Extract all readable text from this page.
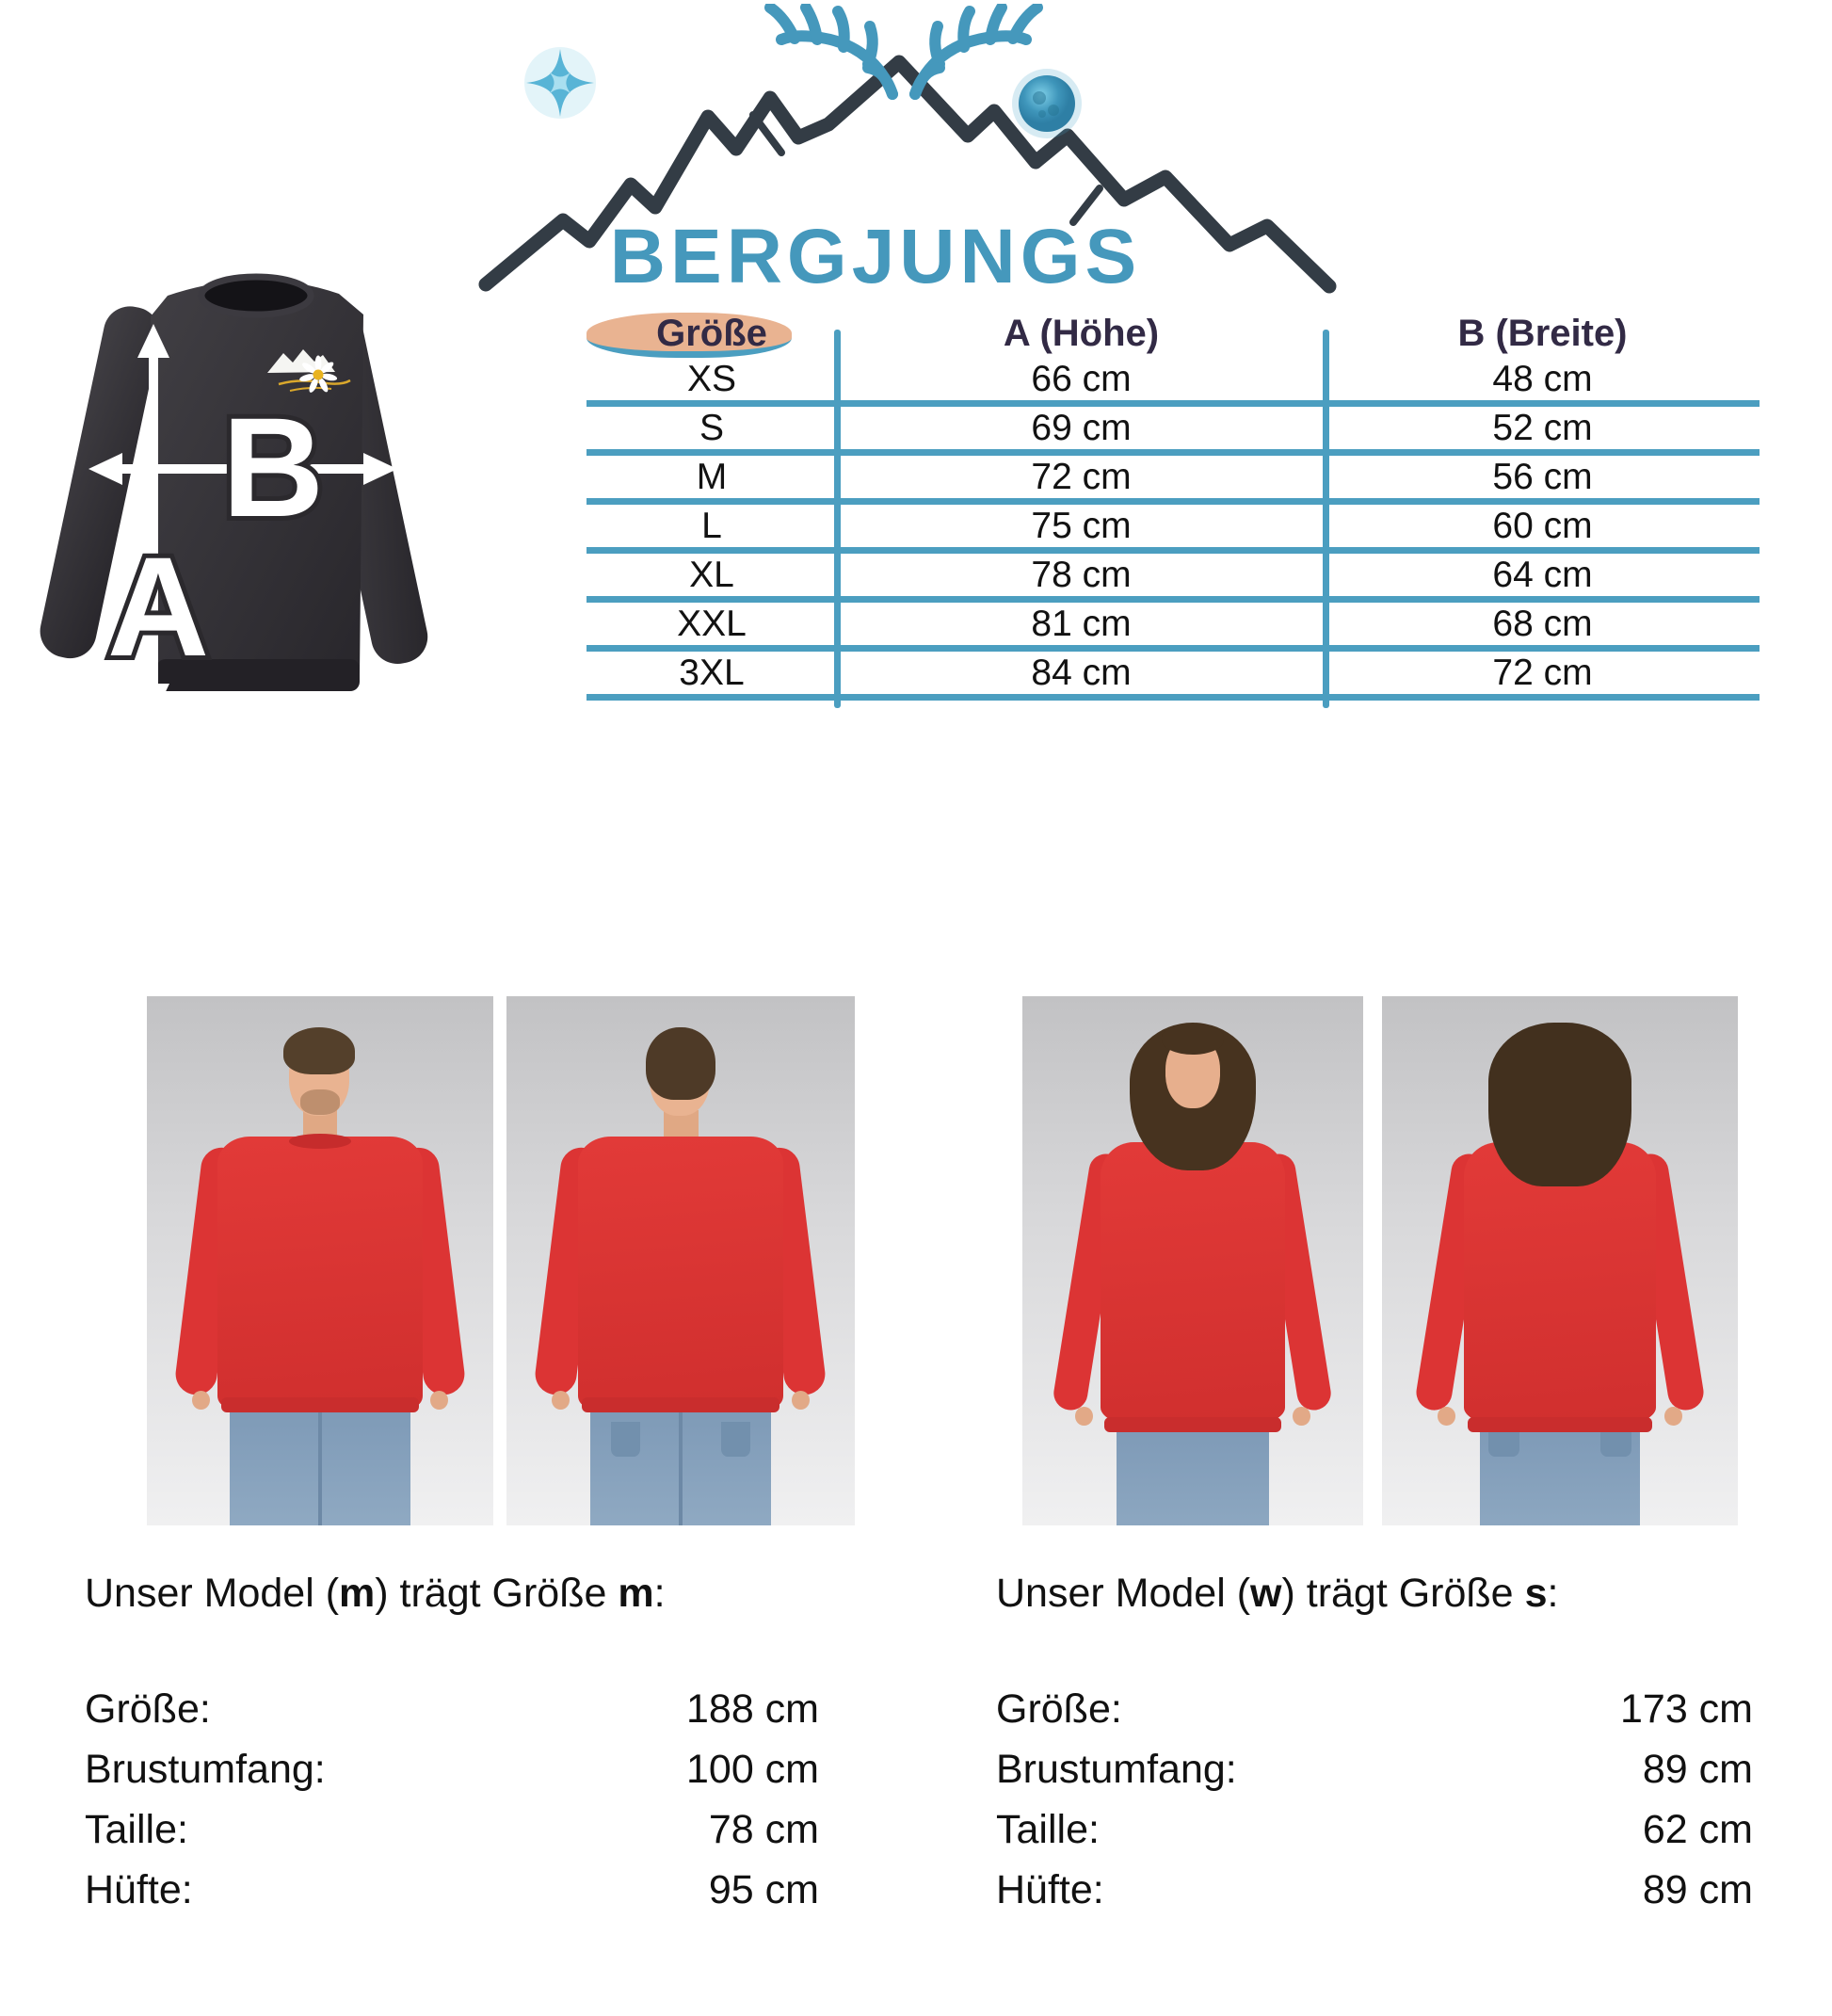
BERGJUNGS
B
A
Größe	A (Höhe)	B (Breite)
XS	66 cm	48 cm
S	69 cm	52 cm
M	72 cm	56 cm
L	75 cm	60 cm
XL	78 cm	64 cm
XXL	81 cm	68 cm
3XL	84 cm	72 cm
Unser Model (m) trägt Größe m:	Unser Model (w) trägt Größe s:
Größe:	188 cm
Brustumfang:	100 cm
Taille:	78 cm
Hüfte:	95 cm
Größe:	173 cm
Brustumfang:	89 cm
Taille:	62 cm
Hüfte:	89 cm
